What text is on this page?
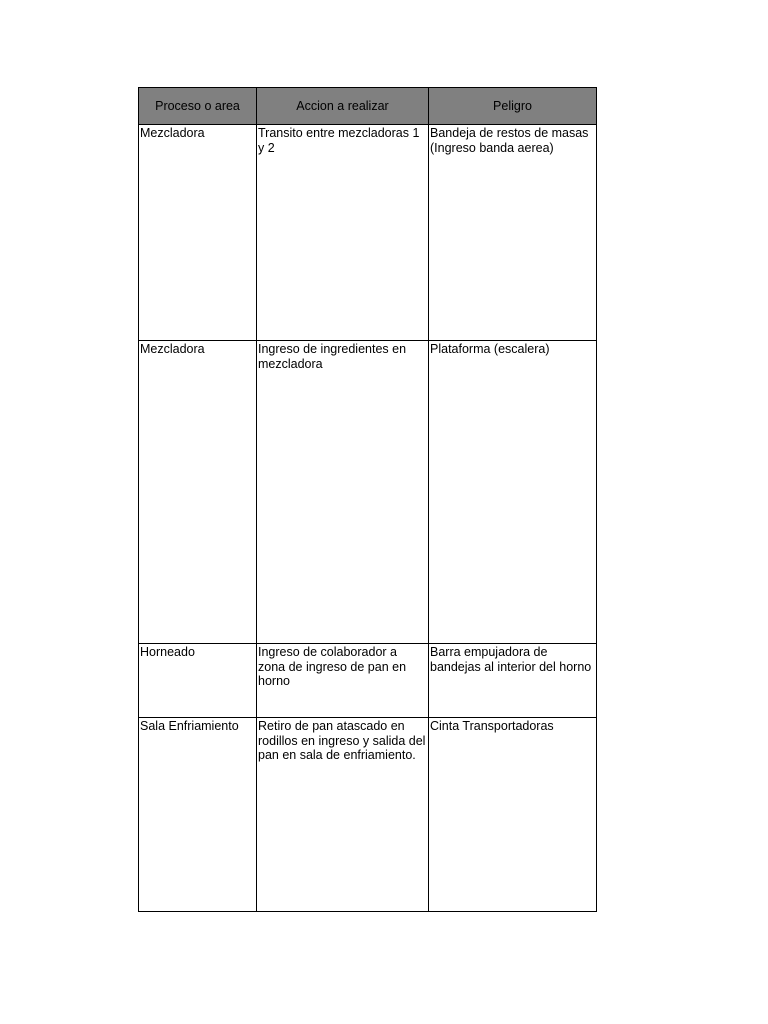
Proceso o area	Accion a realizar	Peligro
Mezcladora	Transito entre mezcladoras 1 y 2	Bandeja de restos de masas (Ingreso banda aerea)
Mezcladora	Ingreso de ingredientes en mezcladora	Plataforma (escalera)
Horneado	Ingreso de colaborador a zona de ingreso de pan en horno	Barra empujadora de bandejas al interior del horno
Sala Enfriamiento	Retiro de pan atascado en rodillos en ingreso y salida del pan en sala de enfriamiento.	Cinta Transportadoras
